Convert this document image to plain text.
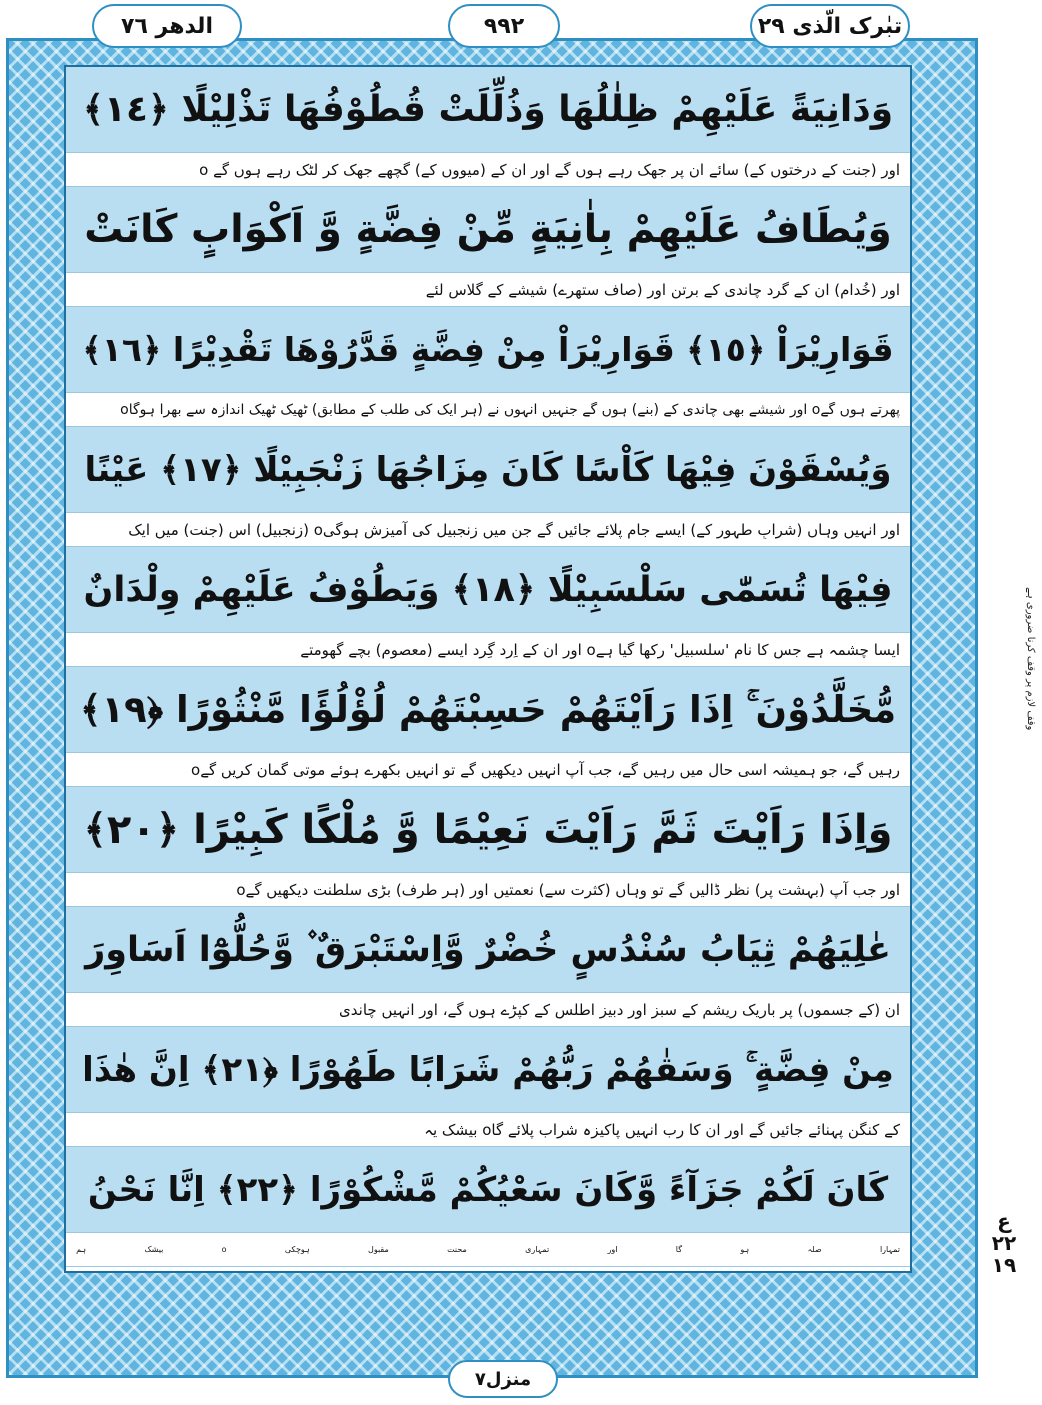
الدھر ٧٦	۹۹۲	تبٰرک الّذی ۲۹
وَدَانِيَةً عَلَيْهِمْ ظِلٰلُهَا وَذُلِّلَتْ قُطُوْفُهَا تَذْلِيْلًا ﴿١٤﴾
اور (جنت کے درختوں کے) سائے ان پر جھک رہے ہوں گے اور ان کے (میووں کے) گچھے جھک کر لٹک رہے ہوں گے o
وَيُطَافُ عَلَيْهِمْ بِاٰنِيَةٍ مِّنْ فِضَّةٍ وَّ اَكْوَابٍ كَانَتْ
اور (خُدام) ان کے گرد چاندی کے برتن اور (صاف ستھرے) شیشے کے گلاس لئے
قَوَارِيْرَاْ ﴿١٥﴾ قَوَارِيْرَاْ مِنْ فِضَّةٍ قَدَّرُوْهَا تَقْدِيْرًا ﴿١٦﴾
پھرتے ہوں گےo اور شیشے بھی چاندی کے (بنے) ہوں گے جنہیں انہوں نے (ہر ایک کی طلب کے مطابق) ٹھیک ٹھیک اندازہ سے بھرا ہوگاo
وَيُسْقَوْنَ فِيْهَا كَاْسًا كَانَ مِزَاجُهَا زَنْجَبِيْلًا ﴿١٧﴾ عَيْنًا
اور انہیں وہاں (شرابِ طہور کے) ایسے جام پلائے جائیں گے جن میں زنجبیل کی آمیزش ہوگیo (زنجبیل) اس (جنت) میں ایک
فِيْهَا تُسَمّٰى سَلْسَبِيْلًا ﴿١٨﴾ وَيَطُوْفُ عَلَيْهِمْ وِلْدَانٌ
ایسا چشمہ ہے جس کا نام 'سلسبیل' رکھا گیا ہےo اور ان کے اِرد گِرد ایسے (معصوم) بچے گھومتے
مُّخَلَّدُوْنَ ۚ اِذَا رَاَيْتَهُمْ حَسِبْتَهُمْ لُؤْلُؤًا مَّنْثُوْرًا ﴿١٩﴾
رہیں گے، جو ہمیشہ اسی حال میں رہیں گے، جب آپ انہیں دیکھیں گے تو انہیں بکھرے ہوئے موتی گمان کریں گےo
وَاِذَا رَاَيْتَ ثَمَّ رَاَيْتَ نَعِيْمًا وَّ مُلْكًا كَبِيْرًا ﴿٢٠﴾
اور جب آپ (بہشت پر) نظر ڈالیں گے تو وہاں (کثرت سے) نعمتیں اور (ہر طرف) بڑی سلطنت دیکھیں گےo
عٰلِيَهُمْ ثِيَابُ سُنْدُسٍ خُضْرٌ وَّاِسْتَبْرَقٌ ۫ وَّحُلُّوْٓا اَسَاوِرَ
ان (کے جسموں) پر باریک ریشم کے سبز اور دبیز اطلس کے کپڑے ہوں گے، اور انہیں چاندی
مِنْ فِضَّةٍ ۚ وَسَقٰهُمْ رَبُّهُمْ شَرَابًا طَهُوْرًا ﴿٢١﴾ اِنَّ هٰذَا
کے کنگن پہنائے جائیں گے اور ان کا رب انہیں پاکیزہ شراب پلائے گاo بیشک یہ
كَانَ لَكُمْ جَزَآءً وَّكَانَ سَعْيُكُمْ مَّشْكُوْرًا ﴿٢٢﴾ اِنَّا نَحْنُ
تمہارا
صلہ
ہو
گا
اور
تمہاری
محنت
مقبول
ہوچکی
o
بیشک
ہم
وقف لازم پر وقف کرنا ضروری ہے
ع ۲۲ ۱۹
منزل٧
